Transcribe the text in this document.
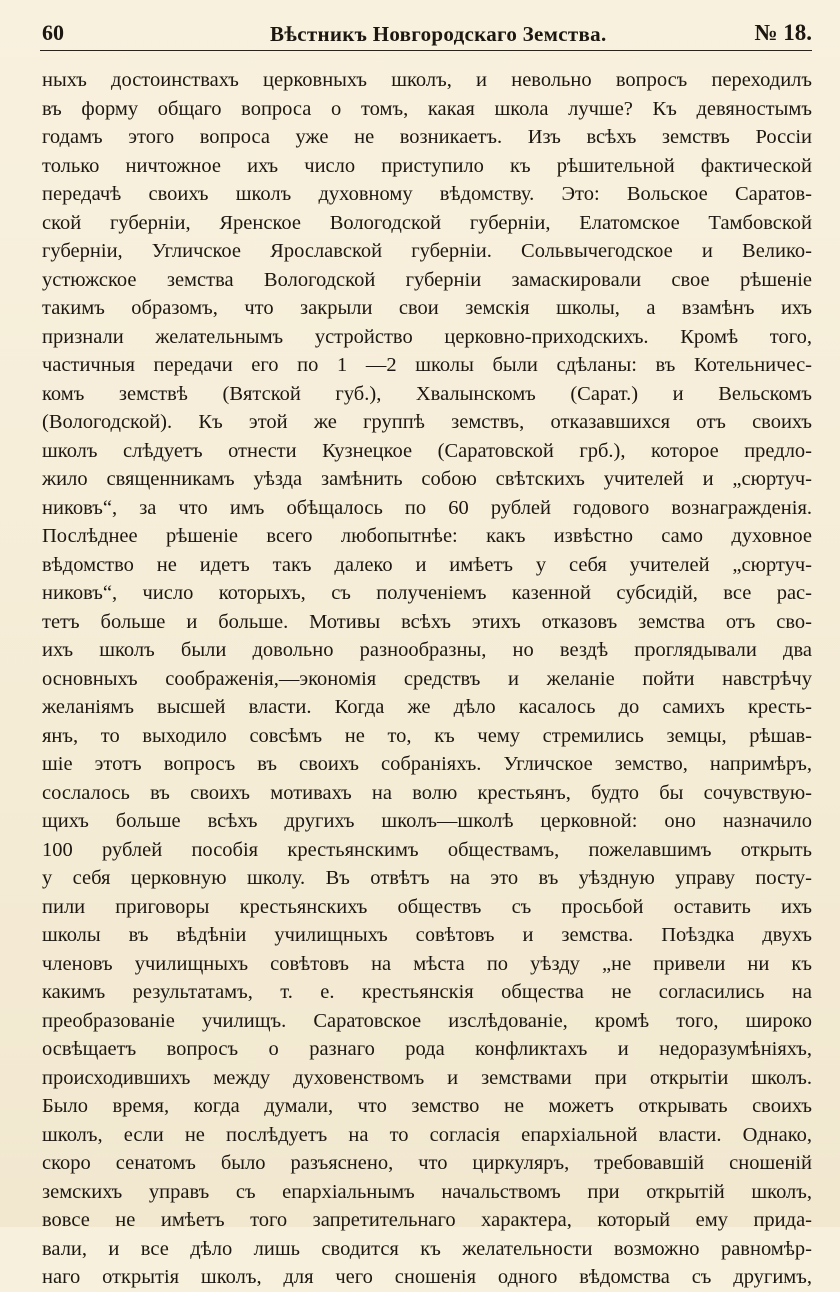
60	Вѣстникъ Новгородскаго Земства.	№ 18.
ныхъ достоинствахъ церковныхъ школъ, и невольно вопросъ переходилъ
въ форму общаго вопроса о томъ, какая школа лучше? Къ девяностымъ
годамъ этого вопроса уже не возникаетъ. Изъ всѣхъ земствъ Россіи
только ничтожное ихъ число приступило къ рѣшительной фактической
передачѣ своихъ школъ духовному вѣдомству. Это: Вольское Саратов-
ской губерніи, Яренское Вологодской губерніи, Елатомское Тамбовской
губерніи, Угличское Ярославской губерніи. Сольвычегодское и Велико-
устюжское земства Вологодской губерніи замаскировали свое рѣшеніе
такимъ образомъ, что закрыли свои земскія школы, а взамѣнъ ихъ
признали желательнымъ устройство церковно-приходскихъ. Кромѣ того,
частичныя передачи его по 1 —2 школы были сдѣланы: въ Котельничес-
комъ земствѣ (Вятской губ.), Хвалынскомъ (Сарат.) и Вельскомъ
(Вологодской). Къ этой же группѣ земствъ, отказавшихся отъ своихъ
школъ слѣдуетъ отнести Кузнецкое (Саратовской грб.), которое предло-
жило священникамъ уѣзда замѣнить собою свѣтскихъ учителей и „сюртуч-
никовъ“, за что имъ обѣщалось по 60 рублей годового вознагражденія.
Послѣднее рѣшеніе всего любопытнѣе: какъ извѣстно само духовное
вѣдомство не идетъ такъ далеко и имѣетъ у себя учителей „сюртуч-
никовъ“, число которыхъ, съ полученіемъ казенной субсидій, все рас-
тетъ больше и больше. Мотивы всѣхъ этихъ отказовъ земства отъ сво-
ихъ школъ были довольно разнообразны, но вездѣ проглядывали два
основныхъ соображенія,—экономія средствъ и желаніе пойти навстрѣчу
желаніямъ высшей власти. Когда же дѣло касалось до самихъ кресть-
янъ, то выходило совсѣмъ не то, къ чему стремились земцы, рѣшав-
шіе этотъ вопросъ въ своихъ собраніяхъ. Угличское земство, напримѣръ,
сослалось въ своихъ мотивахъ на волю крестьянъ, будто бы сочувствую-
щихъ больше всѣхъ другихъ школъ—школѣ церковной: оно назначило
100 рублей пособія крестьянскимъ обществамъ, пожелавшимъ открыть
у себя церковную школу. Въ отвѣтъ на это въ уѣздную управу посту-
пили приговоры крестьянскихъ обществъ съ просьбой оставить ихъ
школы въ вѣдѣніи училищныхъ совѣтовъ и земства. Поѣздка двухъ
членовъ училищныхъ совѣтовъ на мѣста по уѣзду „не привели ни къ
какимъ результатамъ, т. е. крестьянскія общества не согласились на
преобразованіе училищъ. Саратовское изслѣдованіе, кромѣ того, широко
освѣщаетъ вопросъ о разнаго рода конфликтахъ и недоразумѣніяхъ,
происходившихъ между духовенствомъ и земствами при открытіи школъ.
Было время, когда думали, что земство не можетъ открывать своихъ
школъ, если не послѣдуетъ на то согласія епархіальной власти. Однако,
скоро сенатомъ было разъяснено, что циркуляръ, требовавшій сношеній
земскихъ управъ съ епархіальнымъ начальствомъ при открытій школъ,
вовсе не имѣетъ того запретительнаго характера, который ему прида-
вали, и все дѣло лишь сводится къ желательности возможно равномѣр-
наго открытія школъ, для чего сношенія одного вѣдомства съ другимъ,
